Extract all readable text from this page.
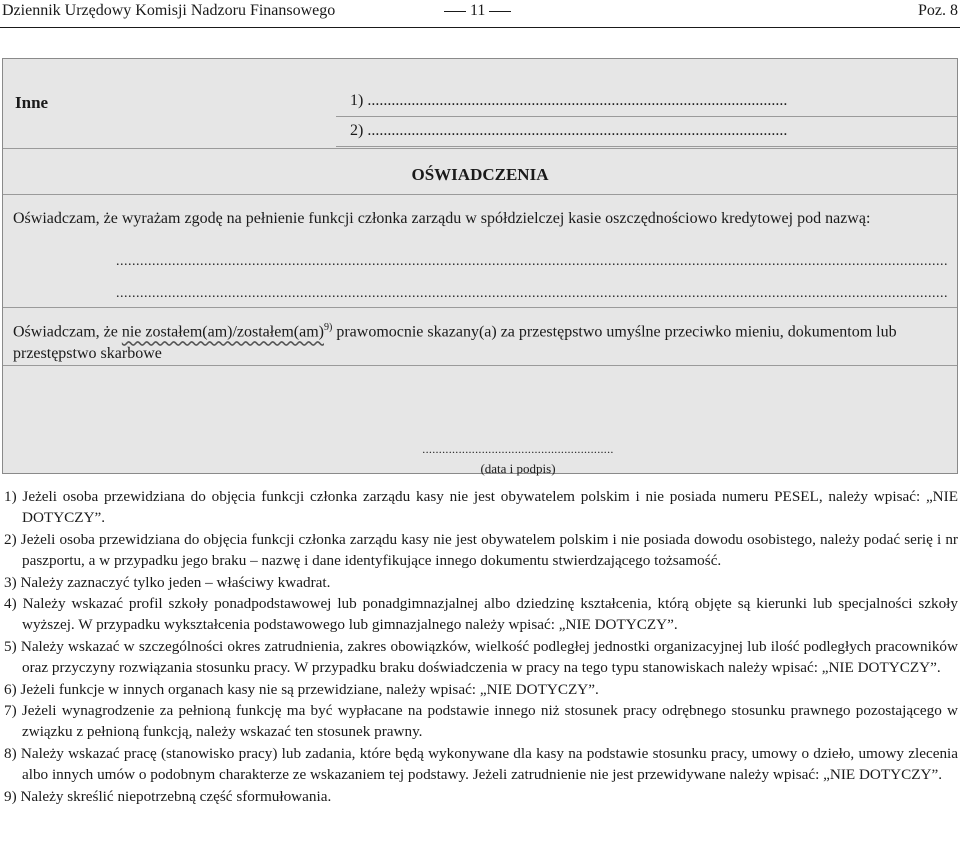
Dziennik Urzędowy Komisji Nadzoru Finansowego	11	Poz. 8
Inne	1) .........................................................................................................
2) .........................................................................................................
OŚWIADCZENIA
Oświadczam, że wyrażam zgodę na pełnienie funkcji członka zarządu w spółdzielczej kasie oszczędnościowo kredytowej pod nazwą:
................................................................................................................................................................................................................
................................................................................................................................................................................................................
Oświadczam, że nie zostałem(am)/zostałem(am)$^{9)}$ prawomocnie skazany(a) za przestępstwo umyślne przeciwko mieniu, dokumentom lub przestępstwo skarbowe
..........................................................
(data i podpis)

1) Jeżeli osoba przewidziana do objęcia funkcji członka zarządu kasy nie jest obywatelem polskim i nie posiada numeru PESEL, należy wpisać: „NIE DOTYCZY”.

2) Jeżeli osoba przewidziana do objęcia funkcji członka zarządu kasy nie jest obywatelem polskim i nie posiada dowodu osobistego, należy podać serię i nr paszportu, a w przypadku jego braku – nazwę i dane identyfikujące innego dokumentu stwierdzającego tożsamość.

3) Należy zaznaczyć tylko jeden – właściwy kwadrat.

4) Należy wskazać profil szkoły ponadpodstawowej lub ponadgimnazjalnej albo dziedzinę kształcenia, którą objęte są kierunki lub specjalności szkoły wyższej. W przypadku wykształcenia podstawowego lub gimnazjalnego należy wpisać: „NIE DOTYCZY”.

5) Należy wskazać w szczególności okres zatrudnienia, zakres obowiązków, wielkość podległej jednostki organizacyjnej lub ilość podległych pracowników oraz przyczyny rozwiązania stosunku pracy. W przypadku braku doświadczenia w pracy na tego typu stanowiskach należy wpisać: „NIE DOTYCZY”.

6) Jeżeli funkcje w innych organach kasy nie są przewidziane, należy wpisać: „NIE DOTYCZY”.

7) Jeżeli wynagrodzenie za pełnioną funkcję ma być wypłacane na podstawie innego niż stosunek pracy odrębnego stosunku prawnego pozostającego w związku z pełnioną funkcją, należy wskazać ten stosunek prawny.

8) Należy wskazać pracę (stanowisko pracy) lub zadania, które będą wykonywane dla kasy na podstawie stosunku pracy, umowy o dzieło, umowy zlecenia albo innych umów o podobnym charakterze ze wskazaniem tej podstawy. Jeżeli zatrudnienie nie jest przewidywane należy wpisać: „NIE DOTYCZY”.

9) Należy skreślić niepotrzebną część sformułowania.
